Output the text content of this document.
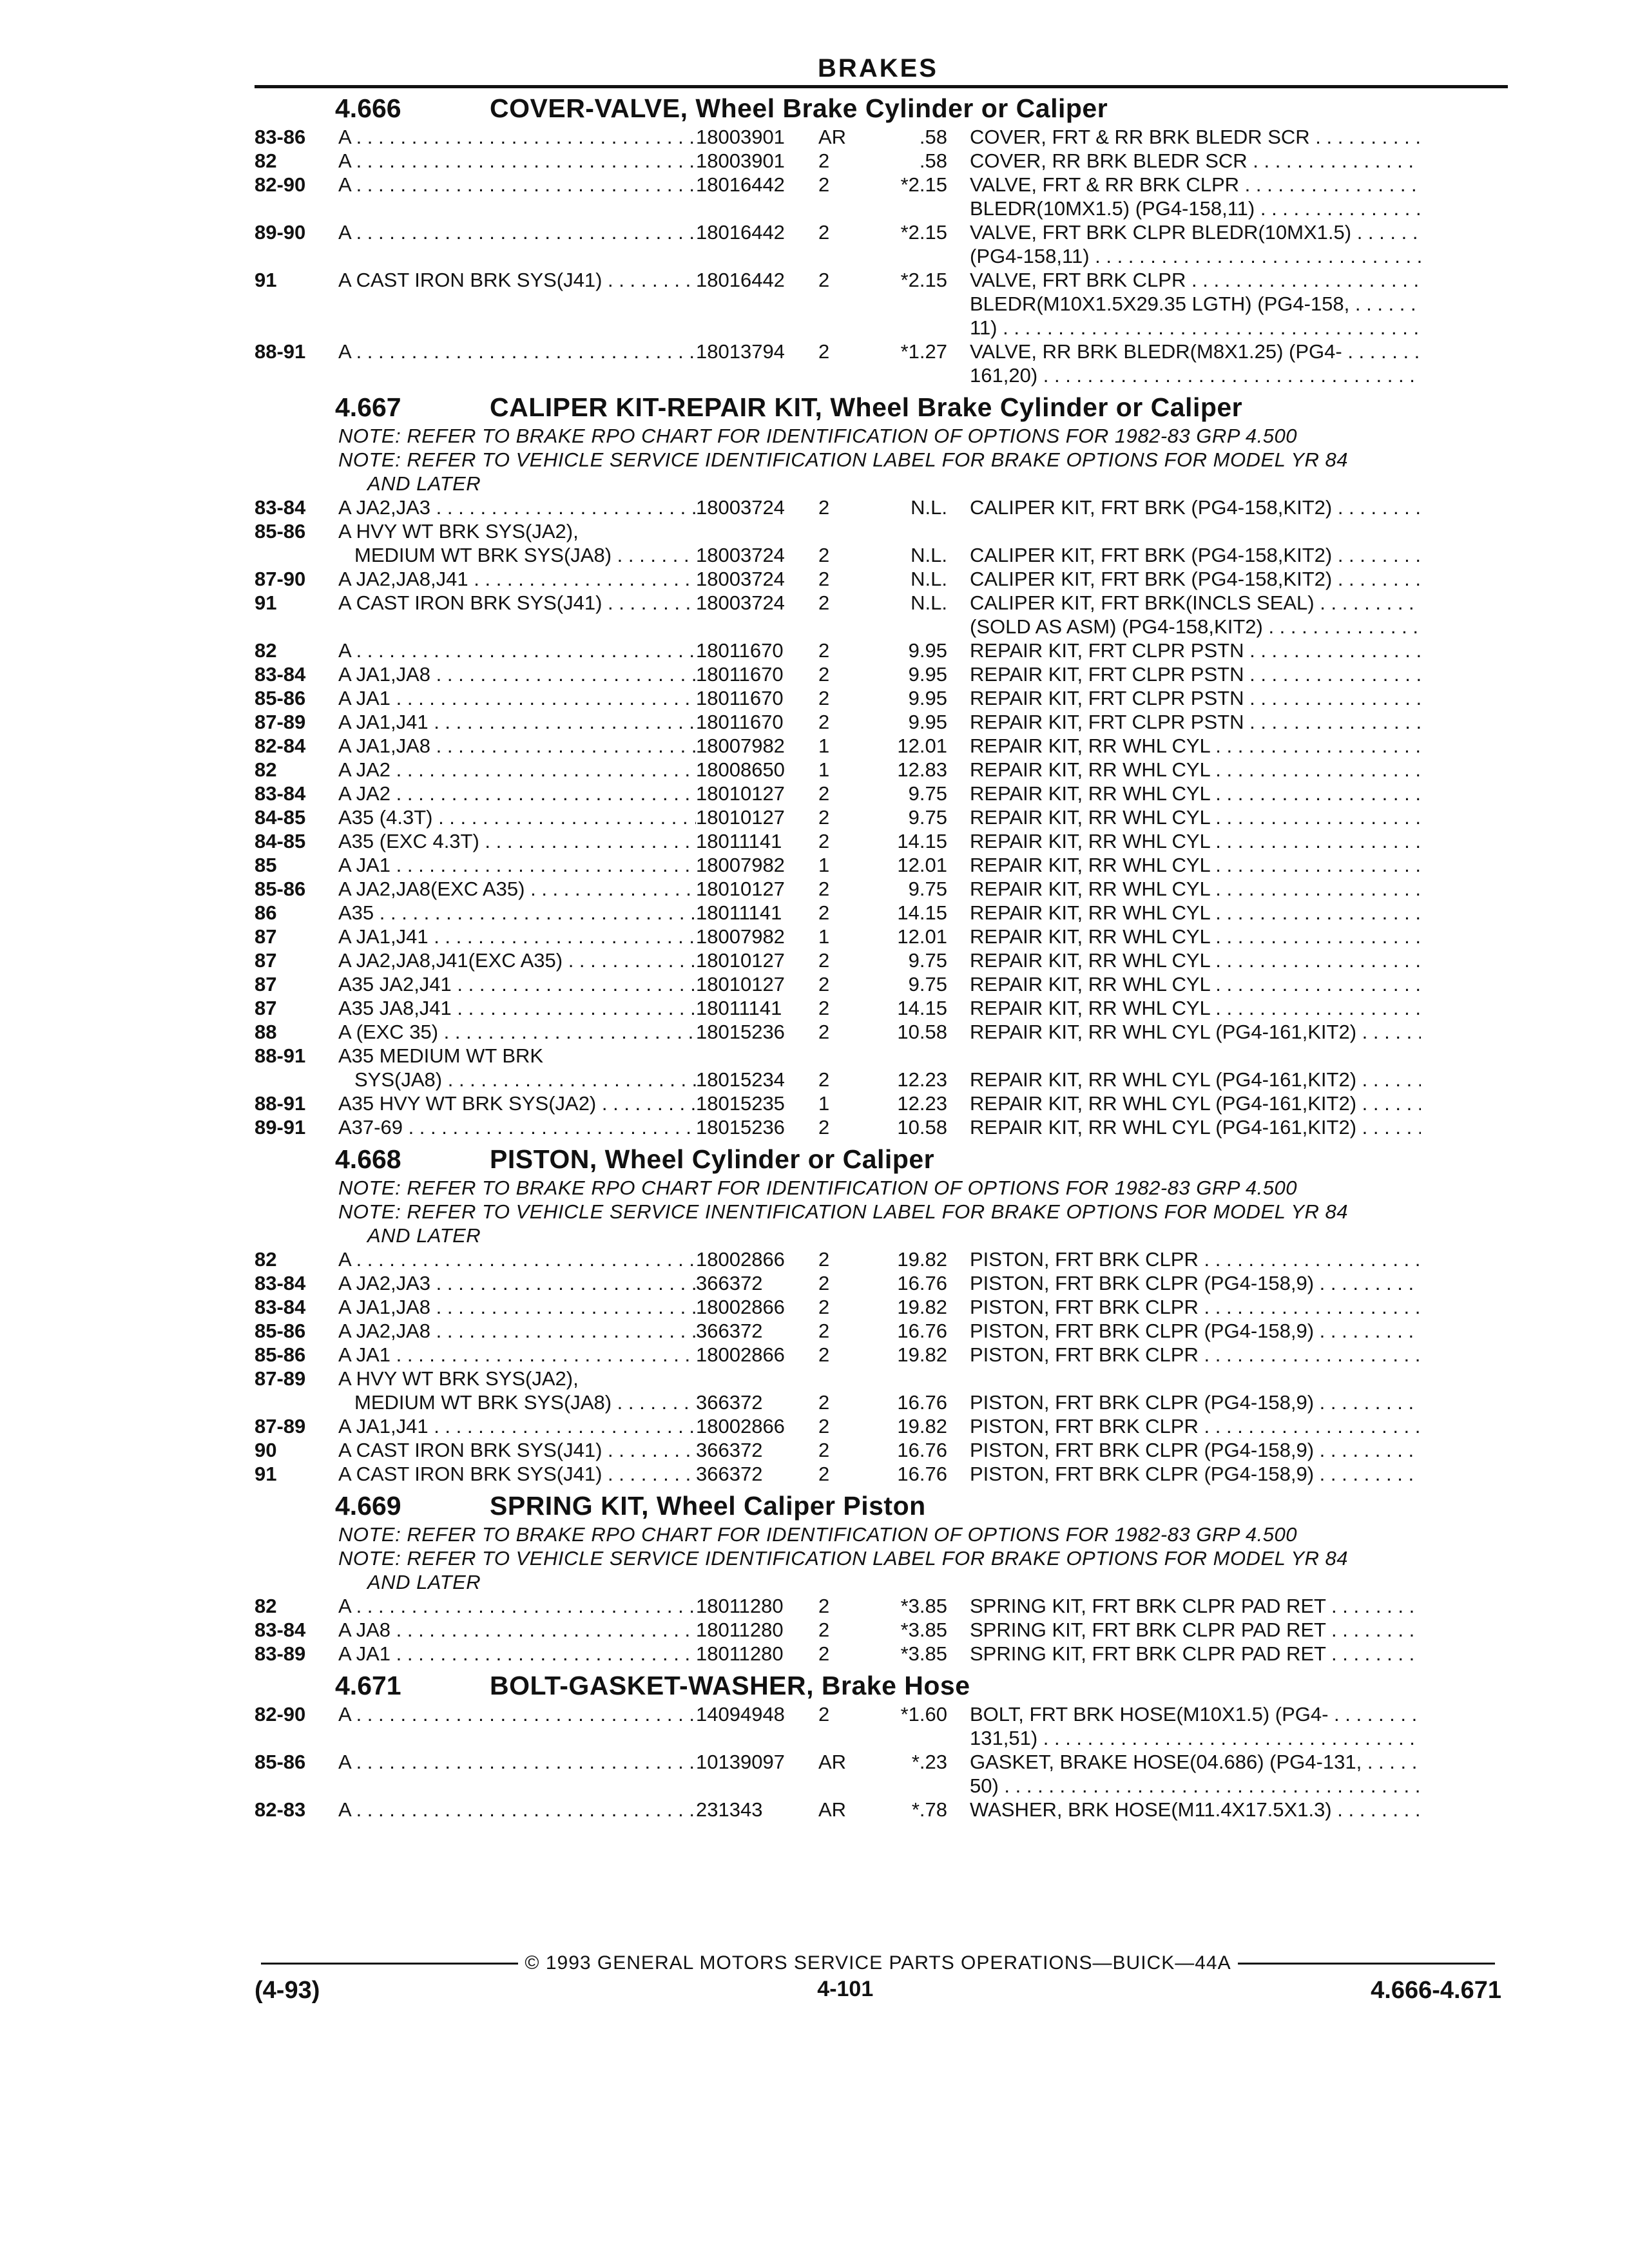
BRAKES
4.666	COVER-VALVE, Wheel Brake Cylinder or Caliper
83-86	A . . .	18003901	AR	.58	COVER, FRT & RR BRK BLEDR SCR . . .
82	A . . .	18003901	2	.58	COVER, RR BRK BLEDR SCR . . .
82-90	A . . .	18016442	2	*2.15	VALVE, FRT & RR BRK CLPR . . .
BLEDR(10MX1.5) (PG4-158,11) . . .
89-90	A . . .	18016442	2	*2.15	VALVE, FRT BRK CLPR BLEDR(10MX1.5) . . .
(PG4-158,11) . . .
91	A CAST IRON BRK SYS(J41) . . .	18016442	2	*2.15	VALVE, FRT BRK CLPR . . .
BLEDR(M10X1.5X29.35 LGTH) (PG4-158, . . .
11) . . .
88-91	A . . .	18013794	2	*1.27	VALVE, RR BRK BLEDR(M8X1.25) (PG4- . . .
161,20) . . .
4.667	CALIPER KIT-REPAIR KIT, Wheel Brake Cylinder or Caliper
NOTE: REFER TO BRAKE RPO CHART FOR IDENTIFICATION OF OPTIONS FOR 1982-83 GRP 4.500
NOTE: REFER TO VEHICLE SERVICE IDENTIFICATION LABEL FOR BRAKE OPTIONS FOR MODEL YR 84
AND LATER
83-84	A JA2,JA3 . . .	18003724	2	N.L.	CALIPER KIT, FRT BRK (PG4-158,KIT2) . . .
85-86	A HVY WT BRK SYS(JA2),
MEDIUM WT BRK SYS(JA8) . . .	18003724	2	N.L.	CALIPER KIT, FRT BRK (PG4-158,KIT2) . . .
87-90	A JA2,JA8,J41 . . .	18003724	2	N.L.	CALIPER KIT, FRT BRK (PG4-158,KIT2) . . .
91	A CAST IRON BRK SYS(J41) . . .	18003724	2	N.L.	CALIPER KIT, FRT BRK(INCLS SEAL) . . .
(SOLD AS ASM) (PG4-158,KIT2) . . .
82	A . . .	18011670	2	9.95	REPAIR KIT, FRT CLPR PSTN . . .
83-84	A JA1,JA8 . . .	18011670	2	9.95	REPAIR KIT, FRT CLPR PSTN . . .
85-86	A JA1 . . .	18011670	2	9.95	REPAIR KIT, FRT CLPR PSTN . . .
87-89	A JA1,J41 . . .	18011670	2	9.95	REPAIR KIT, FRT CLPR PSTN . . .
82-84	A JA1,JA8 . . .	18007982	1	12.01	REPAIR KIT, RR WHL CYL . . .
82	A JA2 . . .	18008650	1	12.83	REPAIR KIT, RR WHL CYL . . .
83-84	A JA2 . . .	18010127	2	9.75	REPAIR KIT, RR WHL CYL . . .
84-85	A35 (4.3T) . . .	18010127	2	9.75	REPAIR KIT, RR WHL CYL . . .
84-85	A35 (EXC 4.3T) . . .	18011141	2	14.15	REPAIR KIT, RR WHL CYL . . .
85	A JA1 . . .	18007982	1	12.01	REPAIR KIT, RR WHL CYL . . .
85-86	A JA2,JA8(EXC A35) . . .	18010127	2	9.75	REPAIR KIT, RR WHL CYL . . .
86	A35 . . .	18011141	2	14.15	REPAIR KIT, RR WHL CYL . . .
87	A JA1,J41 . . .	18007982	1	12.01	REPAIR KIT, RR WHL CYL . . .
87	A JA2,JA8,J41(EXC A35) . . .	18010127	2	9.75	REPAIR KIT, RR WHL CYL . . .
87	A35 JA2,J41 . . .	18010127	2	9.75	REPAIR KIT, RR WHL CYL . . .
87	A35 JA8,J41 . . .	18011141	2	14.15	REPAIR KIT, RR WHL CYL . . .
88	A (EXC 35) . . .	18015236	2	10.58	REPAIR KIT, RR WHL CYL (PG4-161,KIT2) . . .
88-91	A35 MEDIUM WT BRK
SYS(JA8) . . .	18015234	2	12.23	REPAIR KIT, RR WHL CYL (PG4-161,KIT2) . . .
88-91	A35 HVY WT BRK SYS(JA2) . . .	18015235	1	12.23	REPAIR KIT, RR WHL CYL (PG4-161,KIT2) . . .
89-91	A37-69 . . .	18015236	2	10.58	REPAIR KIT, RR WHL CYL (PG4-161,KIT2) . . .
4.668	PISTON, Wheel Cylinder or Caliper
NOTE: REFER TO BRAKE RPO CHART FOR IDENTIFICATION OF OPTIONS FOR 1982-83 GRP 4.500
NOTE: REFER TO VEHICLE SERVICE INENTIFICATION LABEL FOR BRAKE OPTIONS FOR MODEL YR 84
AND LATER
82	A . . .	18002866	2	19.82	PISTON, FRT BRK CLPR . . .
83-84	A JA2,JA3 . . .	366372	2	16.76	PISTON, FRT BRK CLPR (PG4-158,9) . . .
83-84	A JA1,JA8 . . .	18002866	2	19.82	PISTON, FRT BRK CLPR . . .
85-86	A JA2,JA8 . . .	366372	2	16.76	PISTON, FRT BRK CLPR (PG4-158,9) . . .
85-86	A JA1 . . .	18002866	2	19.82	PISTON, FRT BRK CLPR . . .
87-89	A HVY WT BRK SYS(JA2),
MEDIUM WT BRK SYS(JA8) . . .	366372	2	16.76	PISTON, FRT BRK CLPR (PG4-158,9) . . .
87-89	A JA1,J41 . . .	18002866	2	19.82	PISTON, FRT BRK CLPR . . .
90	A CAST IRON BRK SYS(J41) . . .	366372	2	16.76	PISTON, FRT BRK CLPR (PG4-158,9) . . .
91	A CAST IRON BRK SYS(J41) . . .	366372	2	16.76	PISTON, FRT BRK CLPR (PG4-158,9) . . .
4.669	SPRING KIT, Wheel Caliper Piston
NOTE: REFER TO BRAKE RPO CHART FOR IDENTIFICATION OF OPTIONS FOR 1982-83 GRP 4.500
NOTE: REFER TO VEHICLE SERVICE IDENTIFICATION LABEL FOR BRAKE OPTIONS FOR MODEL YR 84
AND LATER
82	A . . .	18011280	2	*3.85	SPRING KIT, FRT BRK CLPR PAD RET . . .
83-84	A JA8 . . .	18011280	2	*3.85	SPRING KIT, FRT BRK CLPR PAD RET . . .
83-89	A JA1 . . .	18011280	2	*3.85	SPRING KIT, FRT BRK CLPR PAD RET . . .
4.671	BOLT-GASKET-WASHER, Brake Hose
82-90	A . . .	14094948	2	*1.60	BOLT, FRT BRK HOSE(M10X1.5) (PG4- . . .
131,51) . . .
85-86	A . . .	10139097	AR	*.23	GASKET, BRAKE HOSE(04.686) (PG4-131, . . .
50) . . .
82-83	A . . .	231343	AR	*.78	WASHER, BRK HOSE(M11.4X17.5X1.3) . . .
© 1993 GENERAL MOTORS SERVICE PARTS OPERATIONS—BUICK—44A
(4-93)	4-101	4.666-4.671
